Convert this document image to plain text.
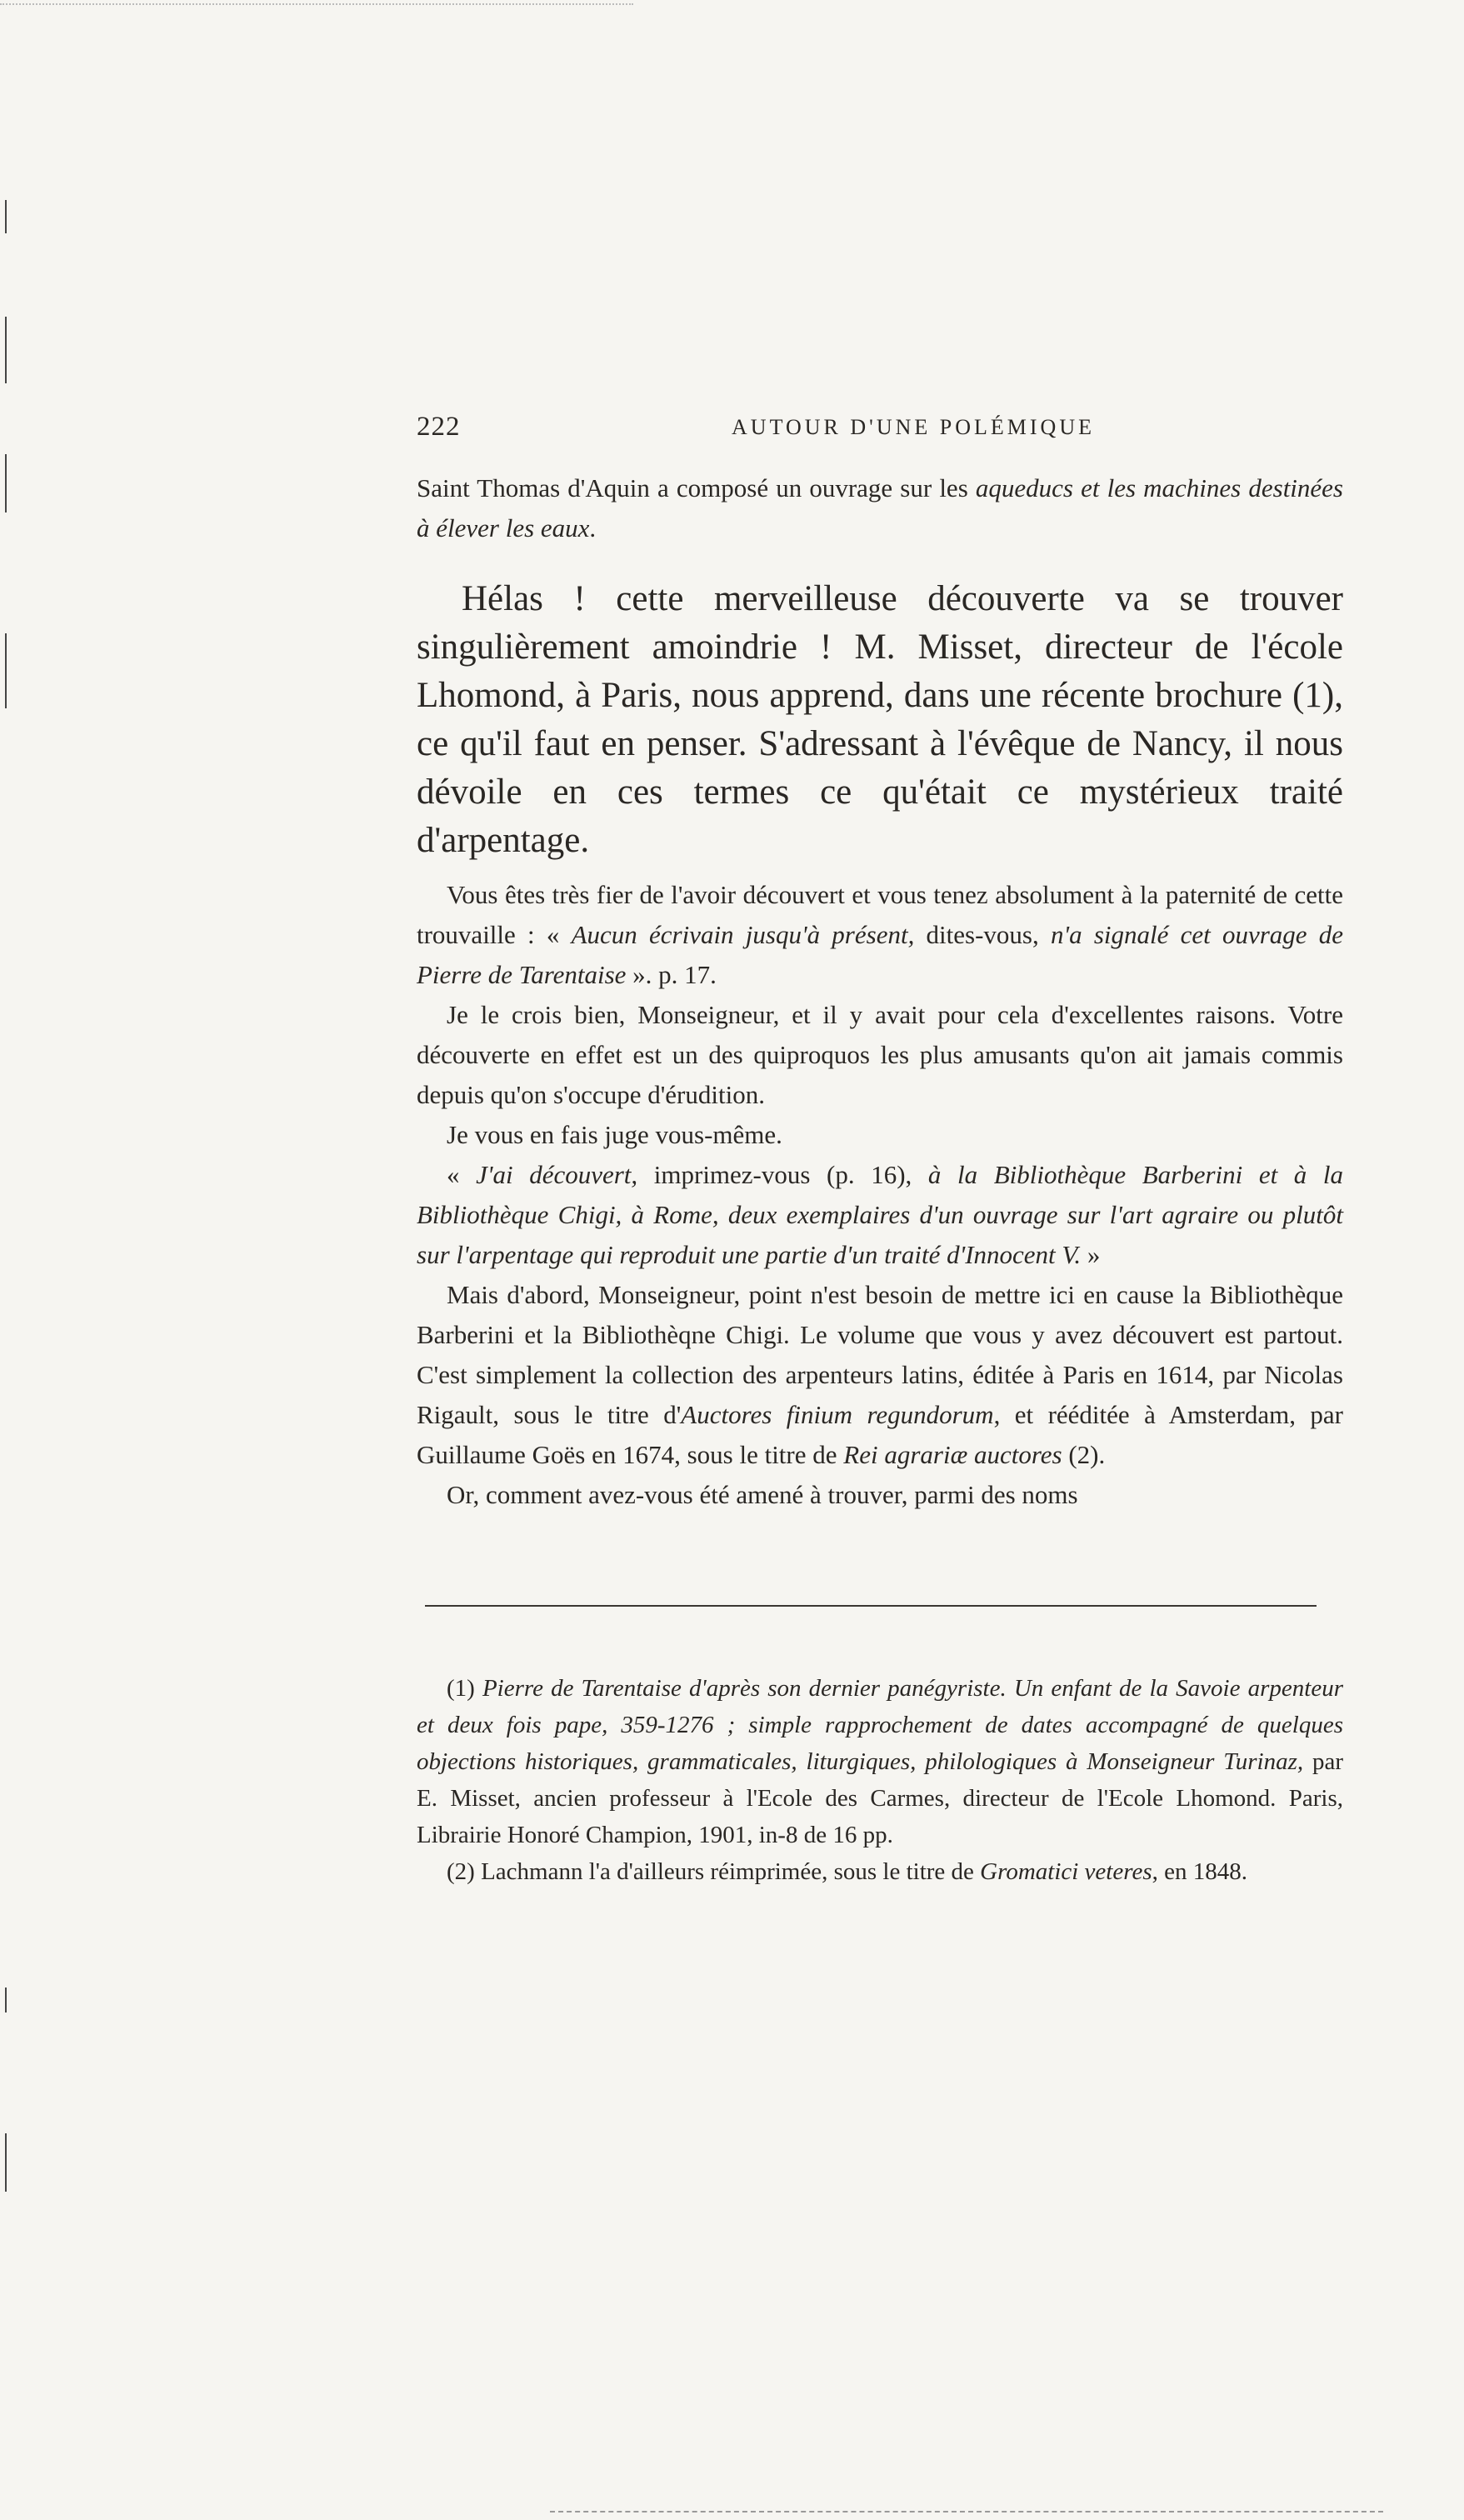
222	AUTOUR D'UNE POLÉMIQUE

Saint Thomas d'Aquin a composé un ouvrage sur les aqueducs et les machines destinées à élever les eaux.

Hélas ! cette merveilleuse découverte va se trouver singulièrement amoindrie ! M. Misset, directeur de l'école Lhomond, à Paris, nous apprend, dans une récente brochure (1), ce qu'il faut en penser. S'adressant à l'évêque de Nancy, il nous dévoile en ces termes ce qu'était ce mystérieux traité d'arpentage.

Vous êtes très fier de l'avoir découvert et vous tenez absolument à la paternité de cette trouvaille : « Aucun écrivain jusqu'à présent, dites-vous, n'a signalé cet ouvrage de Pierre de Tarentaise ». p. 17.

Je le crois bien, Monseigneur, et il y avait pour cela d'excellentes raisons. Votre découverte en effet est un des quiproquos les plus amusants qu'on ait jamais commis depuis qu'on s'occupe d'érudition.

Je vous en fais juge vous-même.

« J'ai découvert, imprimez-vous (p. 16), à la Bibliothèque Barberini et à la Bibliothèque Chigi, à Rome, deux exemplaires d'un ouvrage sur l'art agraire ou plutôt sur l'arpentage qui reproduit une partie d'un traité d'Innocent V. »

Mais d'abord, Monseigneur, point n'est besoin de mettre ici en cause la Bibliothèque Barberini et la Bibliothèqne Chigi. Le volume que vous y avez découvert est partout. C'est simplement la collection des arpenteurs latins, éditée à Paris en 1614, par Nicolas Rigault, sous le titre d'Auctores finium regundorum, et rééditée à Amsterdam, par Guillaume Goës en 1674, sous le titre de Rei agrariæ auctores (2).

Or, comment avez-vous été amené à trouver, parmi des noms

(1) Pierre de Tarentaise d'après son dernier panégyriste. Un enfant de la Savoie arpenteur et deux fois pape, 359-1276 ; simple rapprochement de dates accompagné de quelques objections historiques, grammaticales, liturgiques, philologiques à Monseigneur Turinaz, par E. Misset, ancien professeur à l'Ecole des Carmes, directeur de l'Ecole Lhomond. Paris, Librairie Honoré Champion, 1901, in-8 de 16 pp.

(2) Lachmann l'a d'ailleurs réimprimée, sous le titre de Gromatici veteres, en 1848.
